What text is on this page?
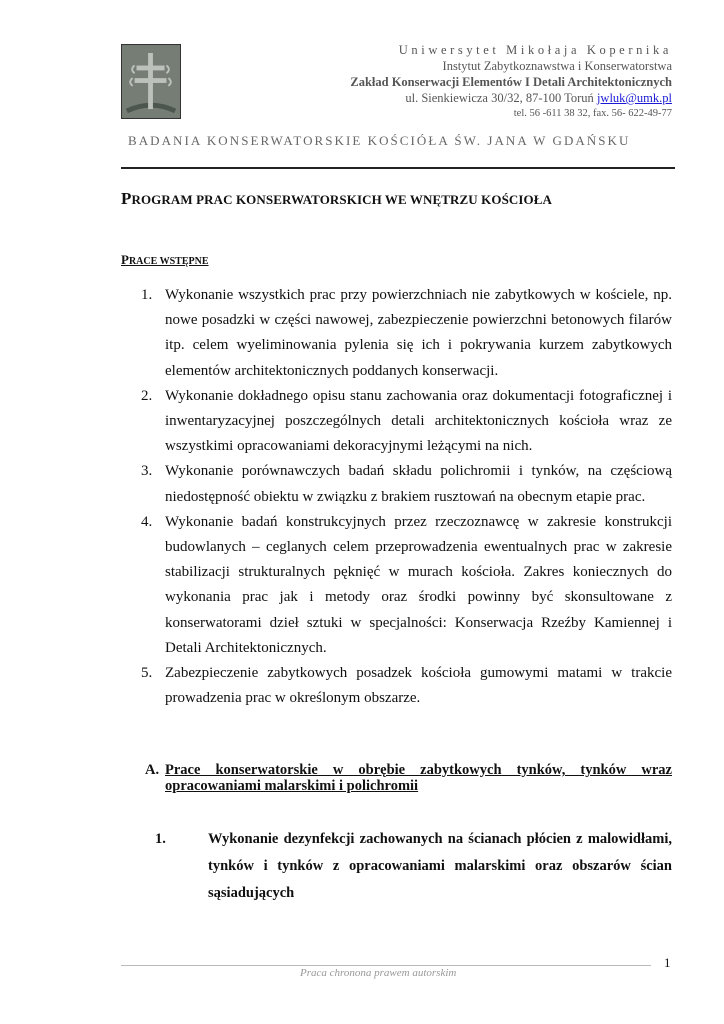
Uniwersytet Mikołaja Kopernika
Instytut Zabytkoznawstwa i Konserwatorstwa
Zakład Konserwacji Elementów I Detali Architektonicznych
ul. Sienkiewicza 30/32, 87-100 Toruń jwluk@umk.pl
tel. 56 -611 38 32, fax. 56- 622-49-77
BADANIA KONSERWATORSKIE KOŚCIÓŁA ŚW. JANA W GDAŃSKU
PROGRAM PRAC KONSERWATORSKICH WE WNĘTRZU KOŚCIOŁA
PRACE WSTĘPNE
1. Wykonanie wszystkich prac przy powierzchniach nie zabytkowych w kościele, np. nowe posadzki w części nawowej, zabezpieczenie powierzchni betonowych filarów itp. celem wyeliminowania pylenia się ich i pokrywania kurzem zabytkowych elementów architektonicznych poddanych konserwacji.
2. Wykonanie dokładnego opisu stanu zachowania oraz dokumentacji fotograficznej i inwentaryzacyjnej poszczególnych detali architektonicznych kościoła wraz ze wszystkimi opracowaniami dekoracyjnymi leżącymi na nich.
3. Wykonanie porównawczych badań składu polichromii i tynków, na częściową niedostępność obiektu w związku z brakiem rusztowań na obecnym etapie prac.
4. Wykonanie badań konstrukcyjnych przez rzeczoznawcę w zakresie konstrukcji budowlanych – ceglanych celem przeprowadzenia ewentualnych prac w zakresie stabilizacji strukturalnych pęknięć w murach kościoła. Zakres koniecznych do wykonania prac jak i metody oraz środki powinny być skonsultowane z konserwatorami dzieł sztuki w specjalności: Konserwacja Rzeźby Kamiennej i Detali Architektonicznych.
5. Zabezpieczenie zabytkowych posadzek kościoła gumowymi matami w trakcie prowadzenia prac w określonym obszarze.
A. Prace konserwatorskie w obrębie zabytkowych tynków, tynków wraz
opracowaniami malarskimi i polichromii
1.	Wykonanie dezynfekcji zachowanych na ścianach płócien z malowidłami, tynków i tynków z opracowaniami malarskimi oraz obszarów ścian sąsiadujących
1
Praca chronona prawem autorskim
